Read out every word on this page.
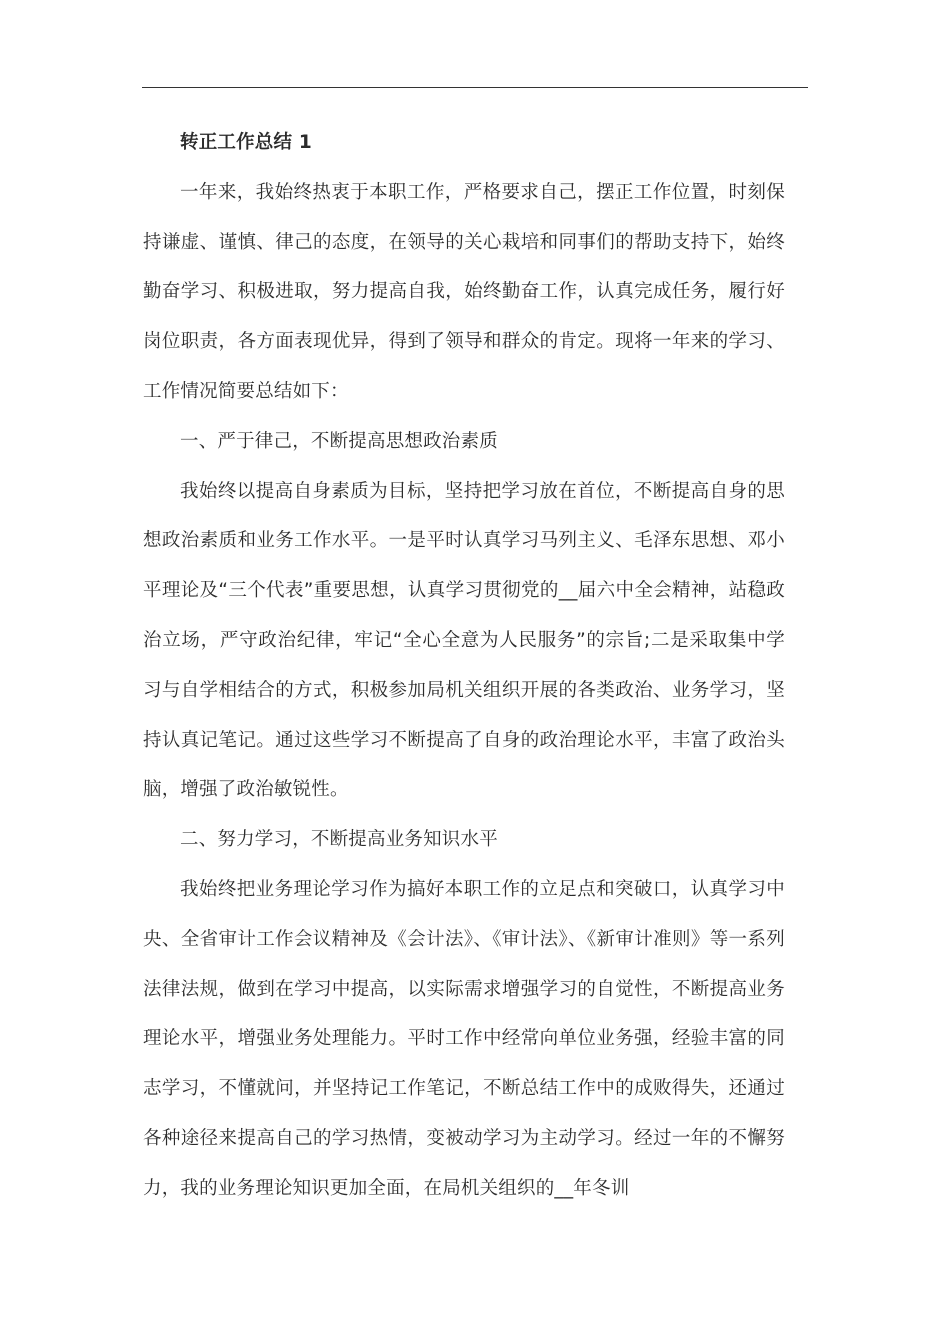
转正工作总结 1

一年来，我始终热衷于本职工作，严格要求自己，摆正工作位置，时刻保持谦虚、谨慎、律己的态度，在领导的关心栽培和同事们的帮助支持下，始终勤奋学习、积极进取，努力提高自我，始终勤奋工作，认真完成任务，履行好岗位职责，各方面表现优异，得到了领导和群众的肯定。现将一年来的学习、工作情况简要总结如下：

一、严于律己，不断提高思想政治素质

我始终以提高自身素质为目标，坚持把学习放在首位，不断提高自身的思想政治素质和业务工作水平。一是平时认真学习马列主义、毛泽东思想、邓小平理论及“三个代表”重要思想，认真学习贯彻党的__届六中全会精神，站稳政治立场，严守政治纪律，牢记“全心全意为人民服务”的宗旨;二是采取集中学习与自学相结合的方式，积极参加局机关组织开展的各类政治、业务学习，坚持认真记笔记。通过这些学习不断提高了自身的政治理论水平，丰富了政治头脑，增强了政治敏锐性。

二、努力学习，不断提高业务知识水平

我始终把业务理论学习作为搞好本职工作的立足点和突破口，认真学习中央、全省审计工作会议精神及《会计法》、《审计法》、《新审计准则》等一系列法律法规，做到在学习中提高，以实际需求增强学习的自觉性，不断提高业务理论水平，增强业务处理能力。平时工作中经常向单位业务强，经验丰富的同志学习，不懂就问，并坚持记工作笔记，不断总结工作中的成败得失，还通过各种途径来提高自己的学习热情，变被动学习为主动学习。经过一年的不懈努力，我的业务理论知识更加全面，在局机关组织的__年冬训
